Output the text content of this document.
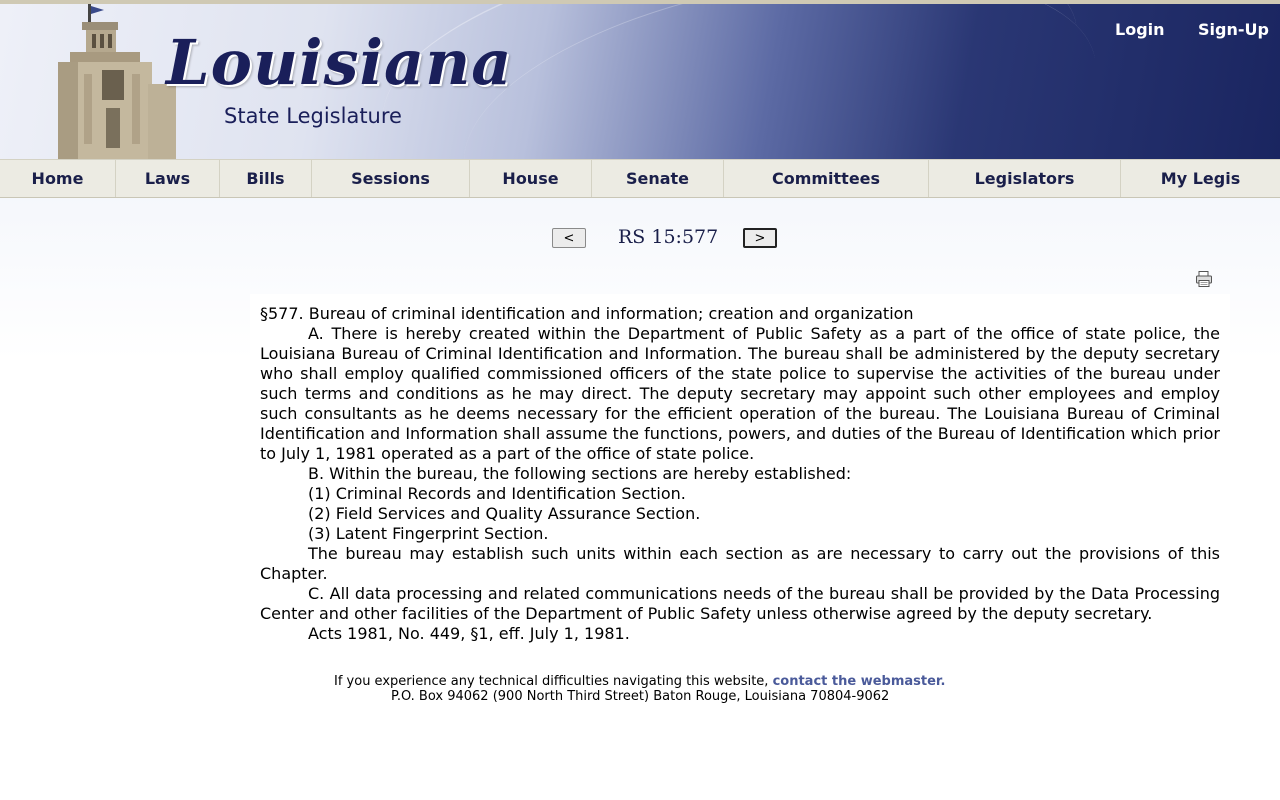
Louisiana
State Legislature
Login Sign-Up
Home	Laws	Bills	Sessions	House	Senate	Committees	Legislators	My Legis
<	RS 15:577	>

§577. Bureau of criminal identification and information; creation and organization

A. There is hereby created within the Department of Public Safety as a part of the office of state police, the Louisiana Bureau of Criminal Identification and Information. The bureau shall be administered by the deputy secretary who shall employ qualified commissioned officers of the state police to supervise the activities of the bureau under such terms and conditions as he may direct. The deputy secretary may appoint such other employees and employ such consultants as he deems necessary for the efficient operation of the bureau. The Louisiana Bureau of Criminal Identification and Information shall assume the functions, powers, and duties of the Bureau of Identification which prior to July 1, 1981 operated as a part of the office of state police.

B. Within the bureau, the following sections are hereby established:

(1) Criminal Records and Identification Section.

(2) Field Services and Quality Assurance Section.

(3) Latent Fingerprint Section.

The bureau may establish such units within each section as are necessary to carry out the provisions of this Chapter.

C. All data processing and related communications needs of the bureau shall be provided by the Data Processing Center and other facilities of the Department of Public Safety unless otherwise agreed by the deputy secretary.

Acts 1981, No. 449, §1, eff. July 1, 1981.

If you experience any technical difficulties navigating this website, contact the webmaster.
P.O. Box 94062 (900 North Third Street) Baton Rouge, Louisiana 70804-9062
